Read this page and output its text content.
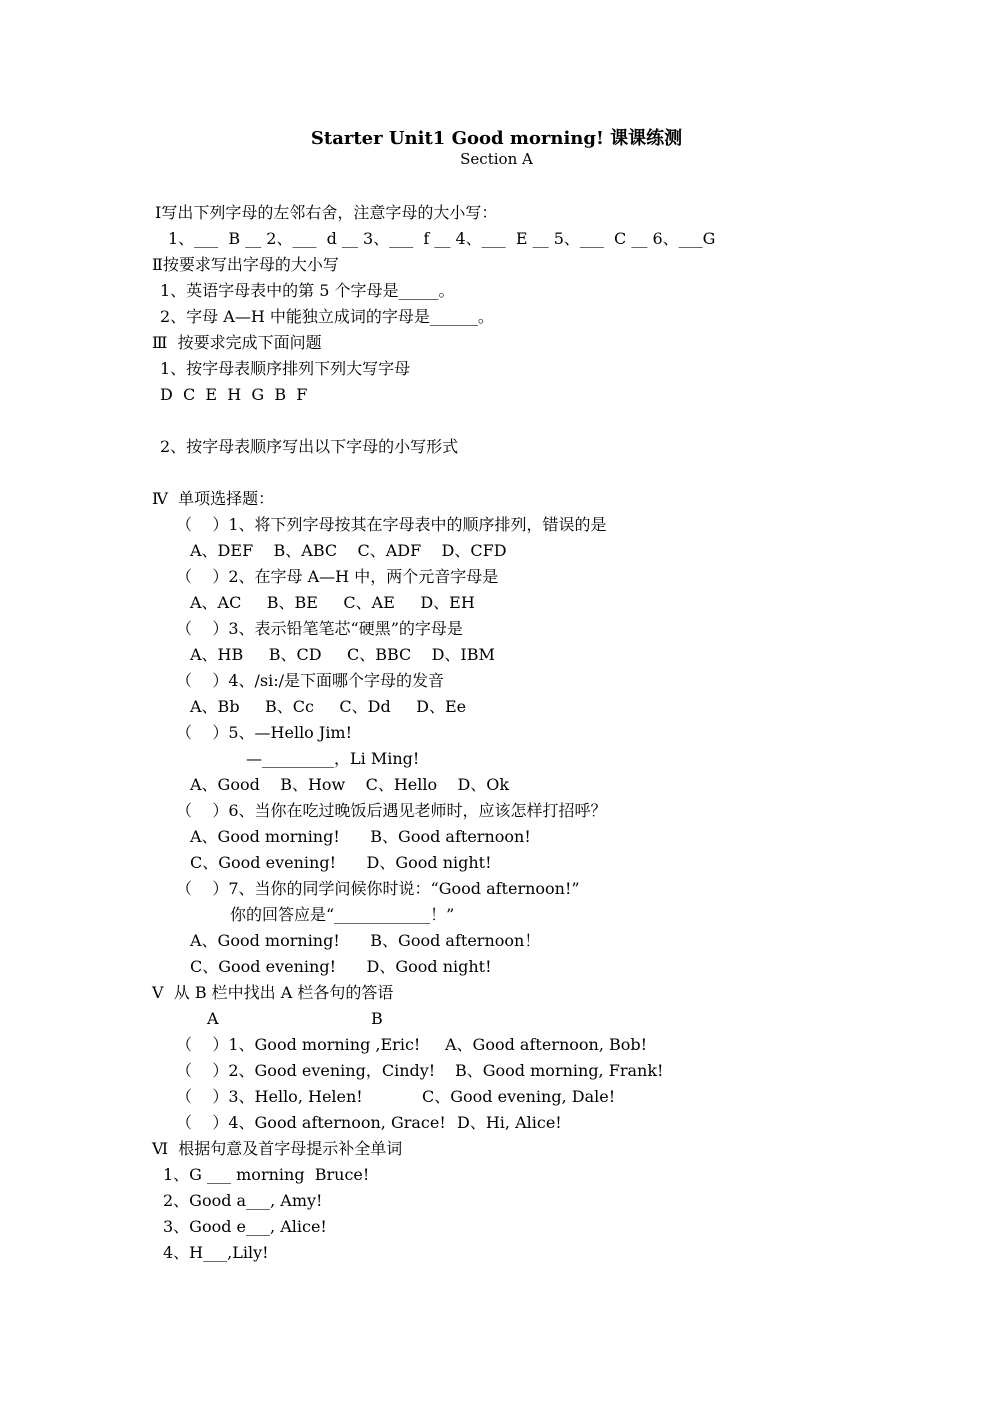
Starter Unit1 Good morning! 课课练测
Section A
Ⅰ写出下列字母的左邻右舍，注意字母的大小写：
1、___  B __ 2、___  d __ 3、___  f __ 4、___  E __ 5、___  C __ 6、___G
Ⅱ按要求写出字母的大小写
1、英语字母表中的第 5 个字母是_____。
2、字母 A—H 中能独立成词的字母是______。
Ⅲ  按要求完成下面问题
1、按字母表顺序排列下列大写字母
D  C  E  H  G  B  F
2、按字母表顺序写出以下字母的小写形式
Ⅳ  单项选择题：
（    ）1、将下列字母按其在字母表中的顺序排列，错误的是
A、DEF    B、ABC    C、ADF    D、CFD
（    ）2、在字母 A—H 中，两个元音字母是
A、AC     B、BE     C、AE     D、EH
（    ）3、表示铅笔笔芯“硬黑”的字母是
A、HB     B、CD     C、BBC    D、IBM
（    ）4、/si:/是下面哪个字母的发音
A、Bb     B、Cc     C、Dd     D、Ee
（    ）5、—Hello Jim!
—_________，Li Ming!
A、Good    B、How    C、Hello    D、Ok
（    ）6、当你在吃过晚饭后遇见老师时，应该怎样打招呼？
A、Good morning!      B、Good afternoon!
C、Good evening!      D、Good night!
（    ）7、当你的同学问候你时说：“Good afternoon!”
你的回答应是“____________！”
A、Good morning!      B、Good afternoon！
C、Good evening!      D、Good night!
Ⅴ  从 B 栏中找出 A 栏各句的答语
A	B
（    ）1、Good morning ,Eric! A、Good afternoon, Bob!
（    ）2、Good evening，Cindy! B、Good morning, Frank!
（    ）3、Hello, Helen!	C、Good evening, Dale!
（    ）4、Good afternoon, Grace! D、Hi, Alice!
Ⅵ  根据句意及首字母提示补全单词
1、G ___ morning  Bruce!
2、Good a___, Amy!
3、Good e___, Alice!
4、H___,Lily!
